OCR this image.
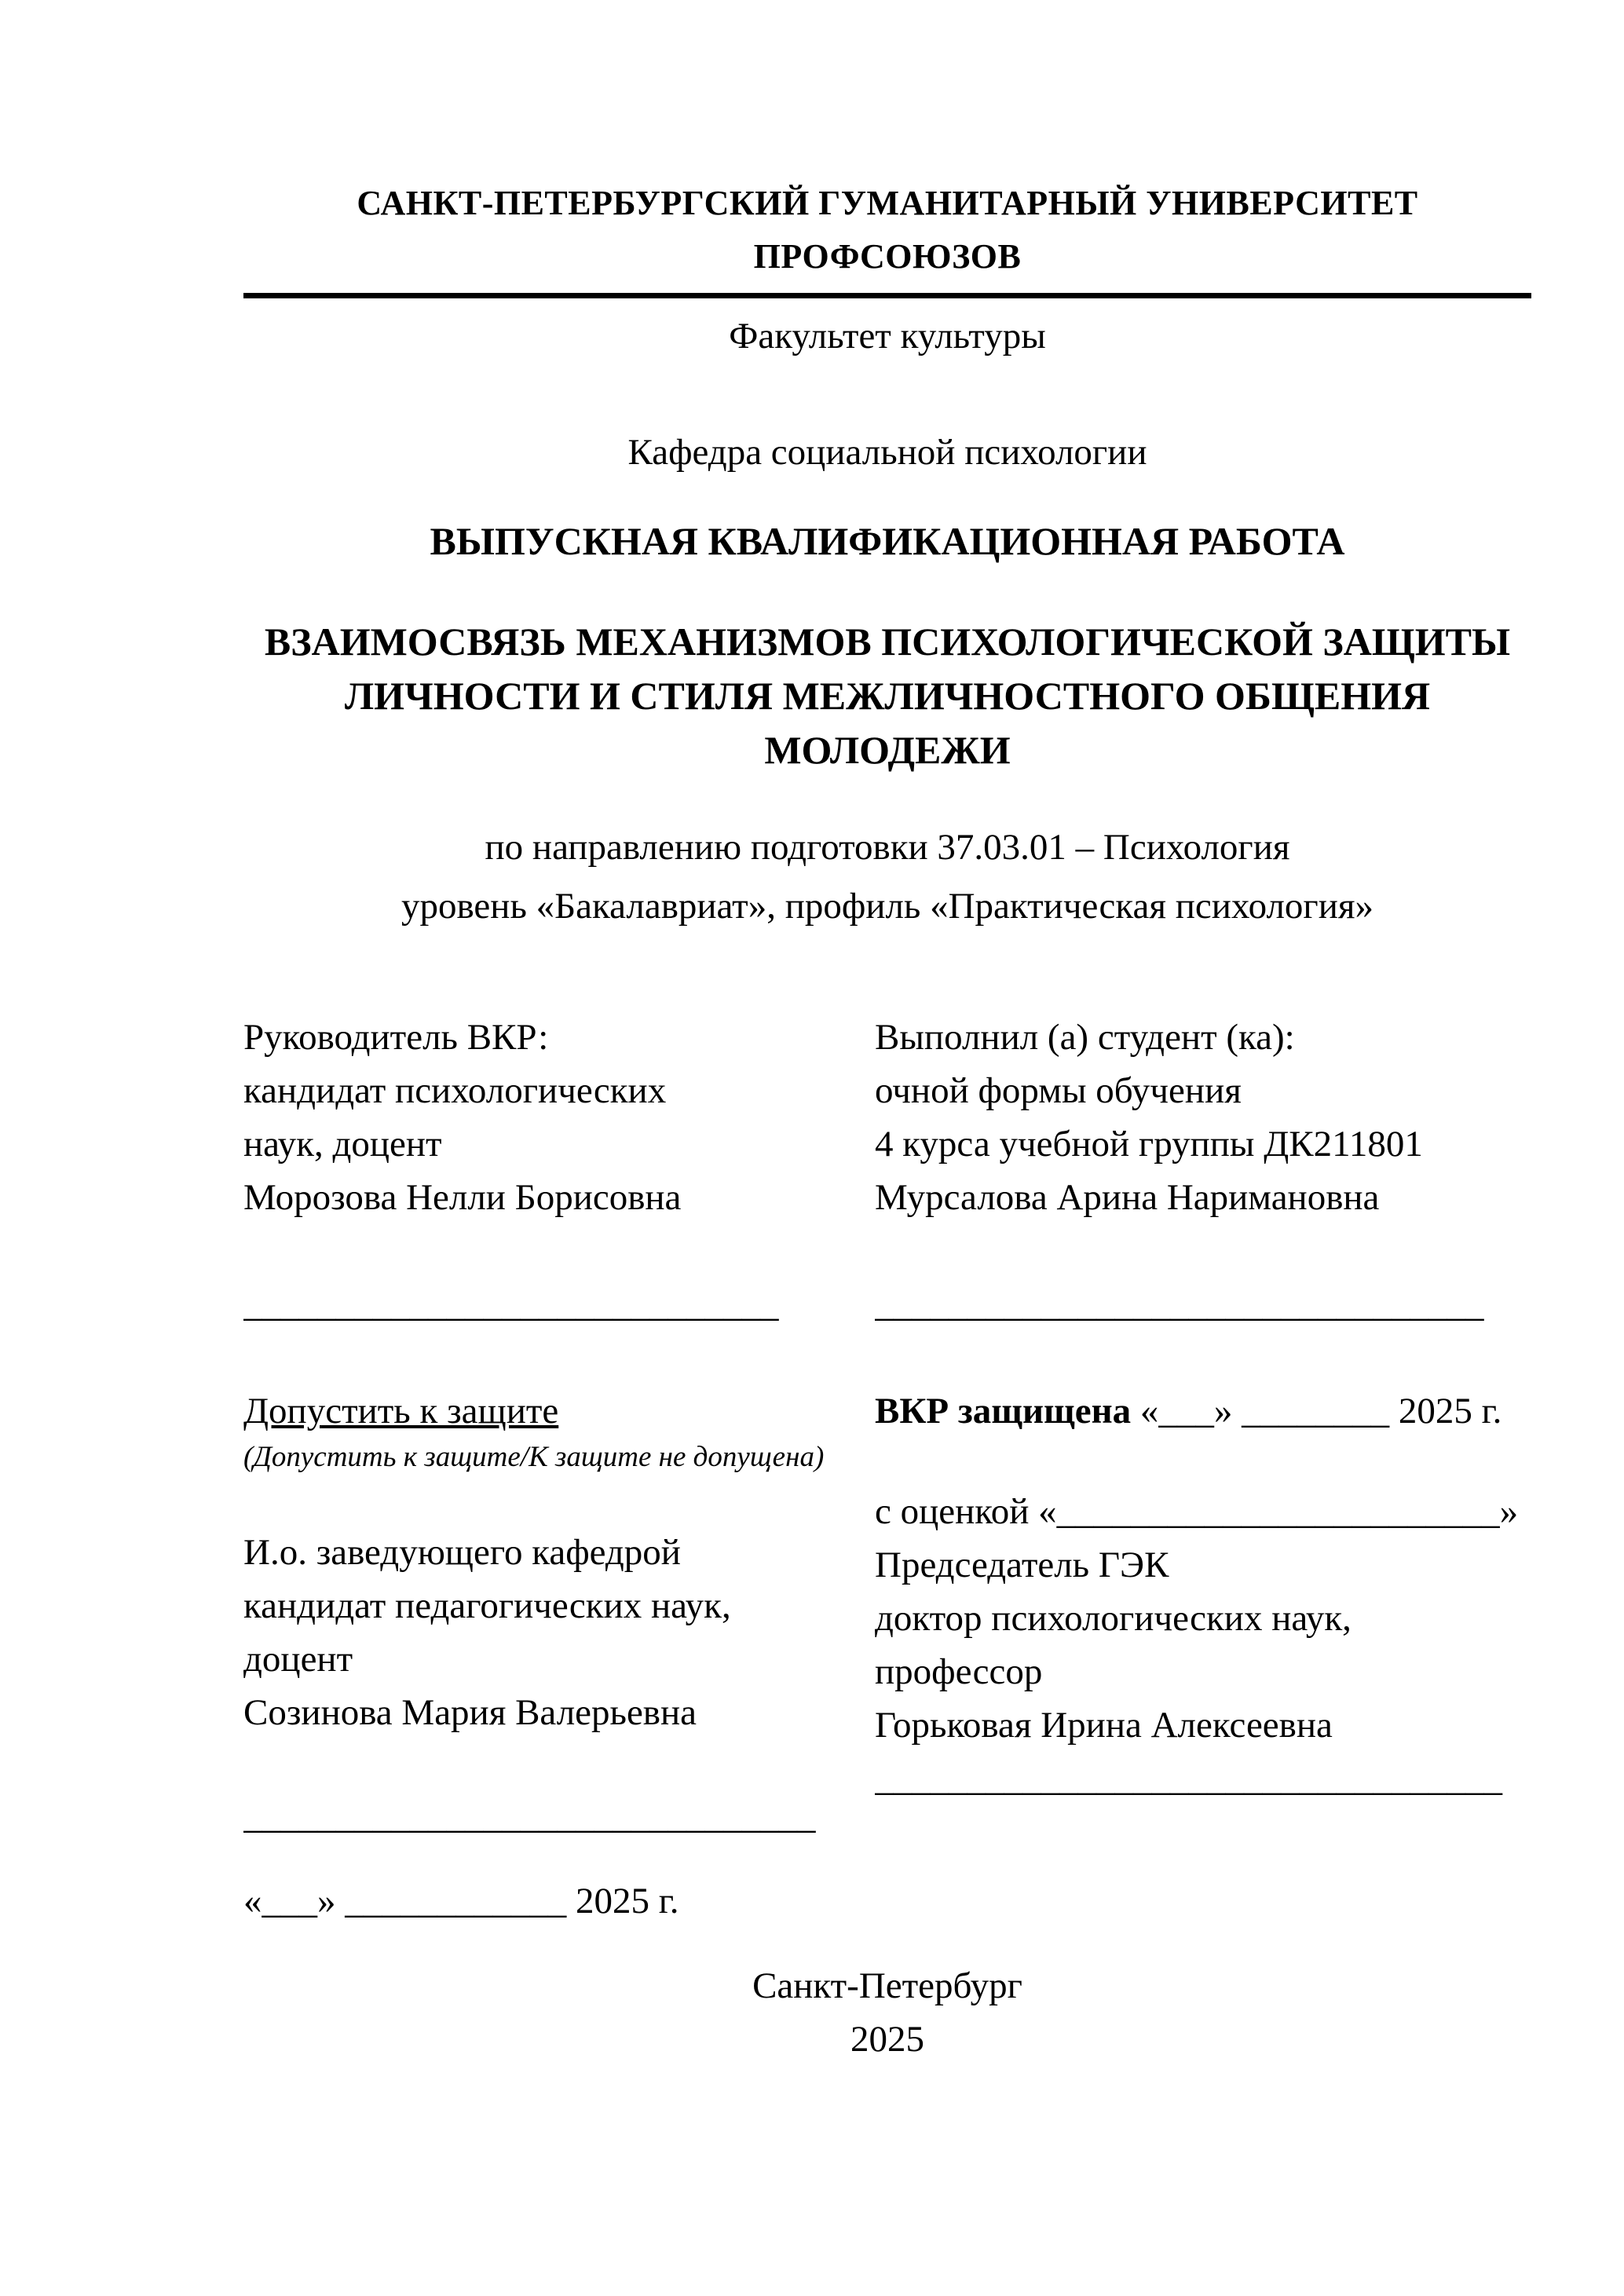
САНКТ-ПЕТЕРБУРГСКИЙ ГУМАНИТАРНЫЙ УНИВЕРСИТЕТ ПРОФСОЮЗОВ
Факультет культуры
Кафедра социальной психологии
ВЫПУСКНАЯ КВАЛИФИКАЦИОННАЯ РАБОТА
ВЗАИМОСВЯЗЬ МЕХАНИЗМОВ ПСИХОЛОГИЧЕСКОЙ ЗАЩИТЫ
ЛИЧНОСТИ И СТИЛЯ МЕЖЛИЧНОСТНОГО ОБЩЕНИЯ
МОЛОДЕЖИ
по направлению подготовки 37.03.01 – Психология
уровень «Бакалавриат», профиль «Практическая психология»
Руководитель ВКР:
кандидат психологических
наук, доцент
Морозова Нелли Борисовна
_____________________________
Выполнил (а) студент (ка):
очной формы обучения
4 курса учебной группы ДК211801
Мурсалова Арина Наримановна
_________________________________
Допустить к защите
(Допустить к защите/К защите не допущена)
И.о. заведующего кафедрой
кандидат педагогических наук,
доцент
Созинова Мария Валерьевна
_______________________________
«___» ____________ 2025 г.
ВКР защищена «___» ________ 2025 г.
с оценкой «________________________»
Председатель ГЭК
доктор психологических наук,
профессор
Горьковая Ирина Алексеевна
__________________________________
Санкт-Петербург
2025
